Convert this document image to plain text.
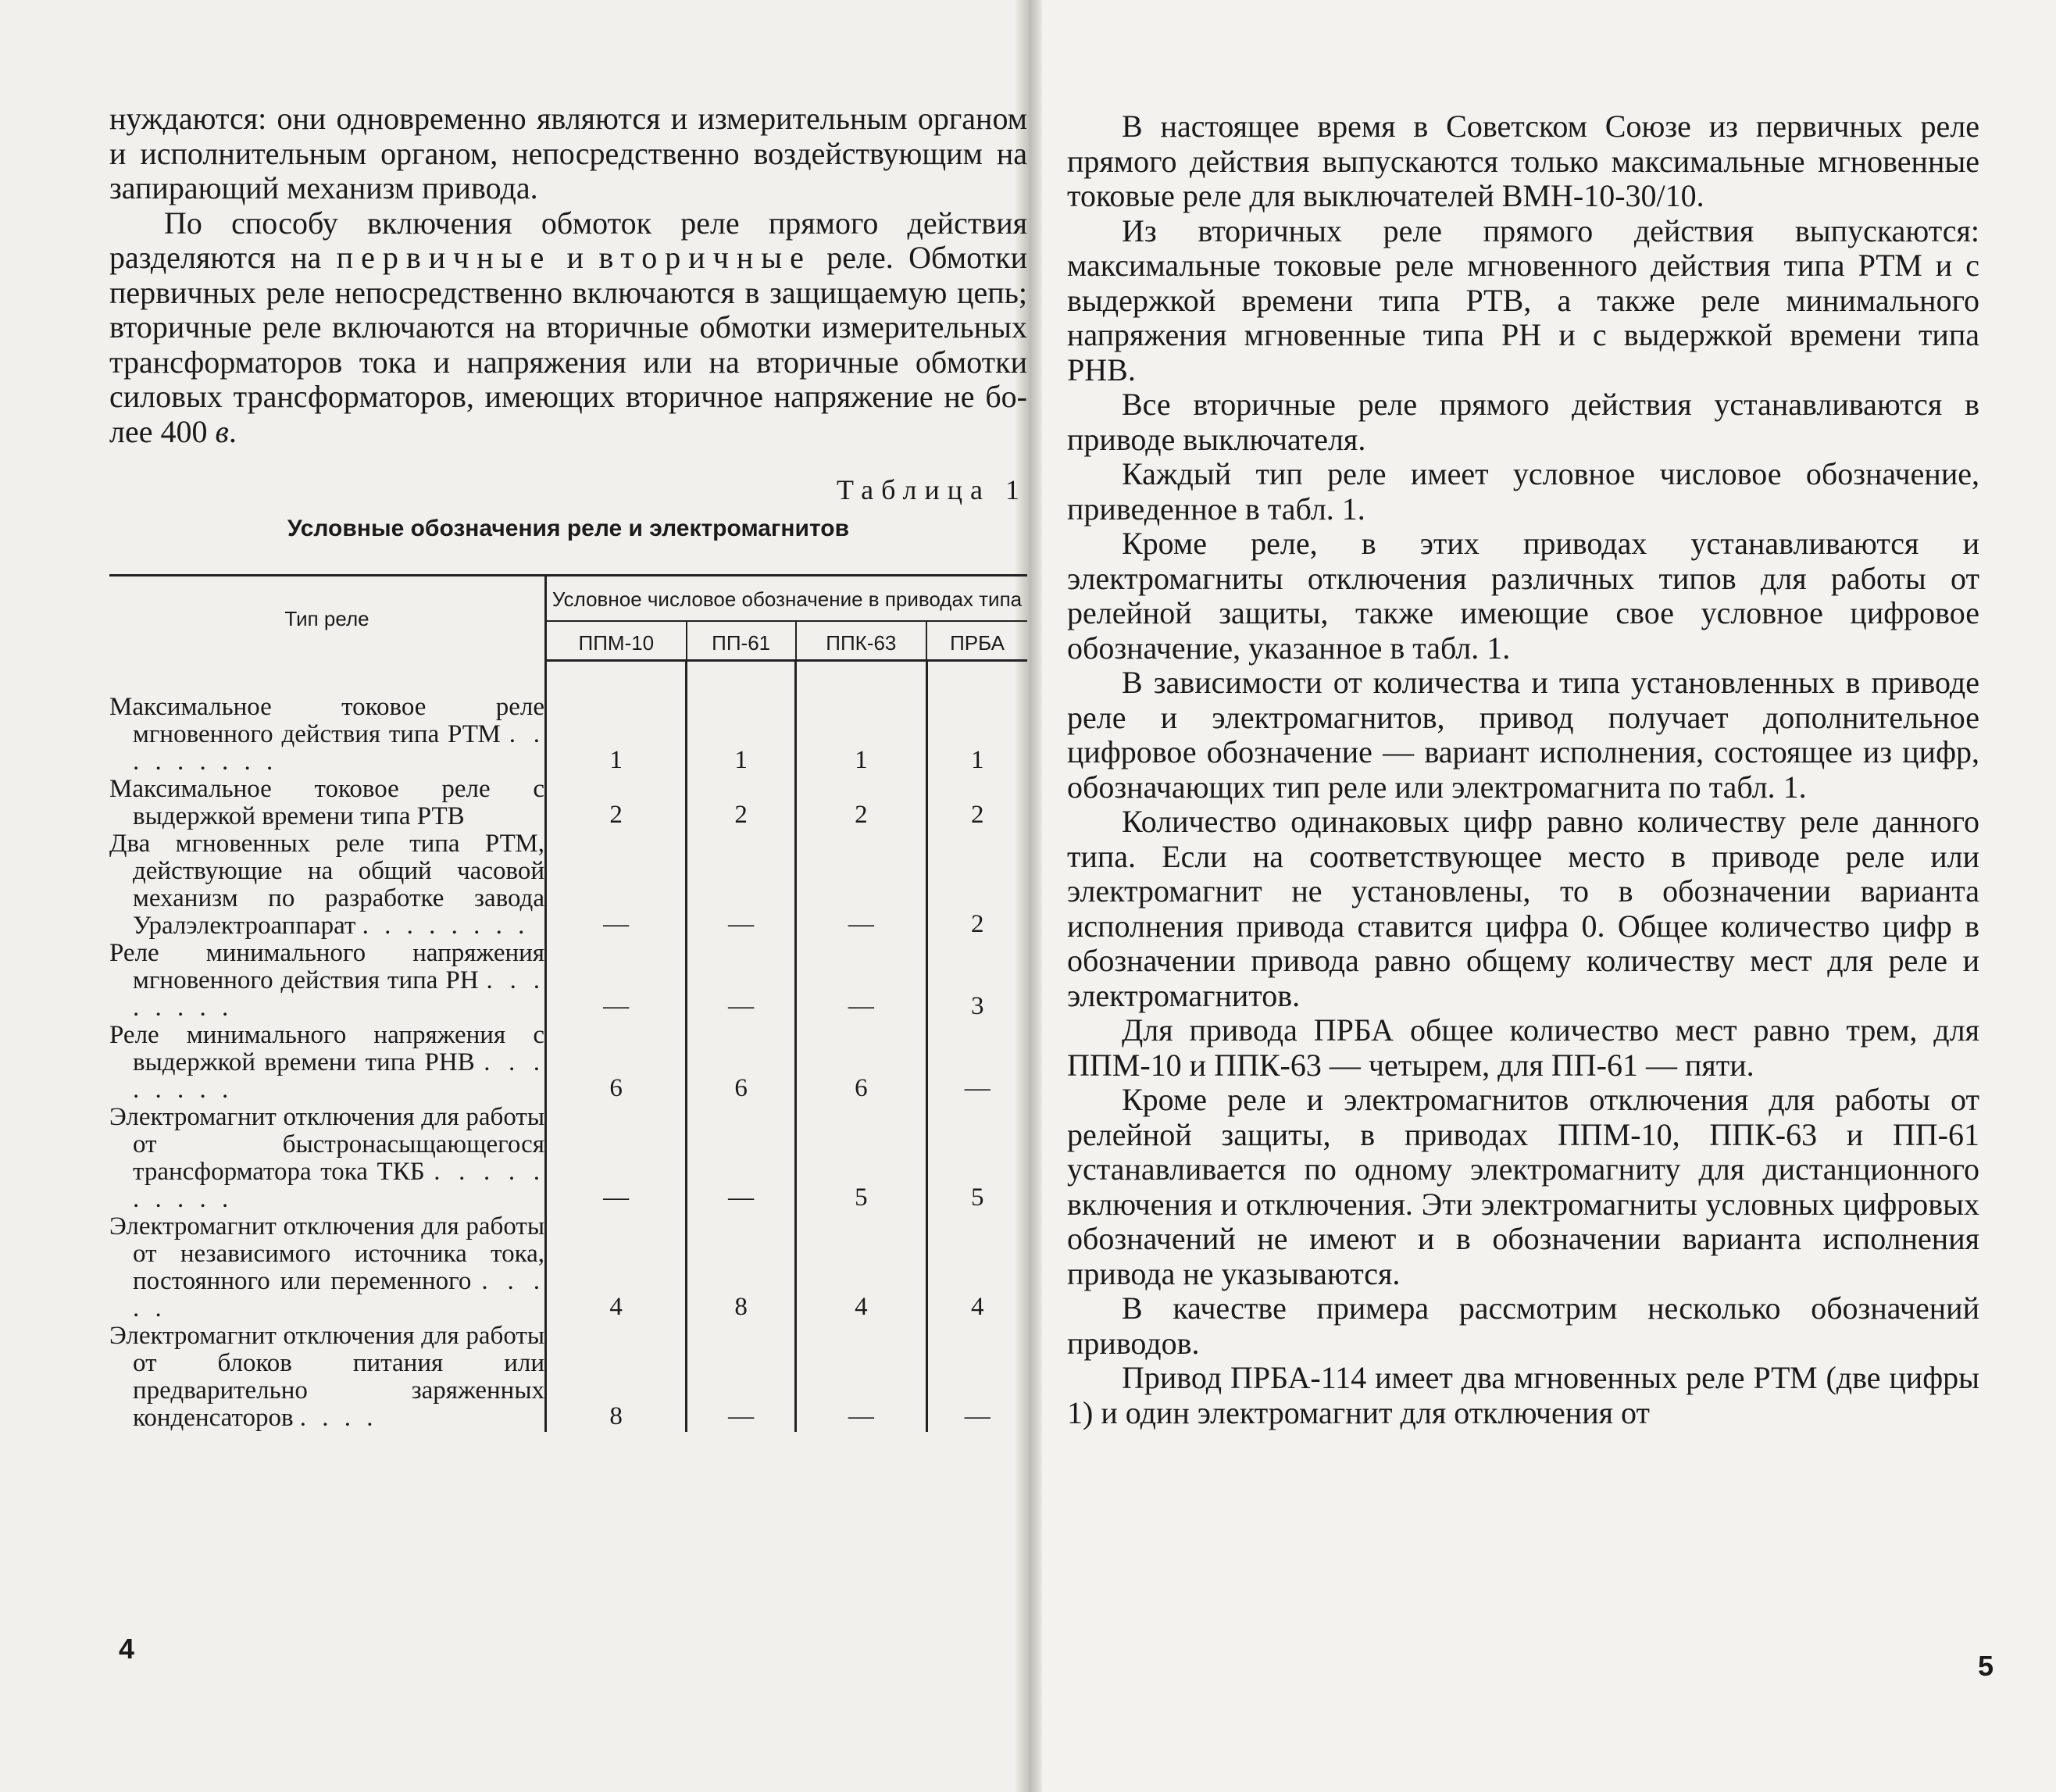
нуждаются: они одновременно являются и измерительным органом и исполнительным органом, непосредственно воздействующим на запирающий механизм привода.

По способу включения обмоток реле прямого действия разделяются на первичные и вторичные реле. Обмотки первичных реле непосредственно включаются в защищаемую цепь; вторичные реле включаются на вторичные обмотки измерительных трансформаторов тока и напряжения или на вторичные обмотки силовых трансформаторов, имеющих вторичное напряжение не более 400 в.

Таблица 1

Условные обозначения реле и электромагнитов

Тип реле	Условное числовое обозначение в приводах типа			
	ППМ-10	ПП-61	ППК-63	ПРБА

Максимальное токовое реле мгновенного действия типа РТМ . . . . . . . . .	1	1	1	1

Максимальное токовое реле с выдержкой времени типа РТВ	2	2	2	2

Два мгновенных реле типа РТМ, действующие на общий часовой механизм по разработке завода Уралэлектроаппарат . . . . . . . .	—	—	—	2

Реле минимального напряжения мгновенного действия типа РН . . . . . . . .	—	—	—	3

Реле минимального напряжения с выдержкой времени типа РНВ . . . . . . . .	6	6	6	—

Электромагнит отключения для работы от быстронасыщающегося трансформатора тока ТКБ . . . . . . . . . .	—	—	5	5

Электромагнит отключения для работы от независимого источника тока, постоянного или переменного . . . . .	4	8	4	4

Электромагнит отключения для работы от блоков питания или предварительно заряженных конденсаторов . . . .	8	—	—	—
4

В настоящее время в Советском Союзе из первичных реле прямого действия выпускаются только максимальные мгновенные токовые реле для выключателей ВМН-10-30/10.

Из вторичных реле прямого действия выпускаются: максимальные токовые реле мгновенного действия типа РТМ и с выдержкой времени типа РТВ, а также реле минимального напряжения мгновенные типа РН и с выдержкой времени типа РНВ.

Все вторичные реле прямого действия устанавливаются в приводе выключателя.

Каждый тип реле имеет условное числовое обозначение, приведенное в табл. 1.

Кроме реле, в этих приводах устанавливаются и электромагниты отключения различных типов для работы от релейной защиты, также имеющие свое условное цифровое обозначение, указанное в табл. 1.

В зависимости от количества и типа установленных в приводе реле и электромагнитов, привод получает дополнительное цифровое обозначение — вариант исполнения, состоящее из цифр, обозначающих тип реле или электромагнита по табл. 1.

Количество одинаковых цифр равно количеству реле данного типа. Если на соответствующее место в приводе реле или электромагнит не установлены, то в обозначении варианта исполнения привода ставится цифра 0. Общее количество цифр в обозначении привода равно общему количеству мест для реле и электромагнитов.

Для привода ПРБА общее количество мест равно трем, для ППМ-10 и ППК-63 — четырем, для ПП-61 — пяти.

Кроме реле и электромагнитов отключения для работы от релейной защиты, в приводах ППМ-10, ППК-63 и ПП-61 устанавливается по одному электромагниту для дистанционного включения и отключения. Эти электромагниты условных цифровых обозначений не имеют и в обозначении варианта исполнения привода не указываются.

В качестве примера рассмотрим несколько обозначений приводов.

Привод ПРБА-114 имеет два мгновенных реле РТМ (две цифры 1) и один электромагнит для отключения от

5
